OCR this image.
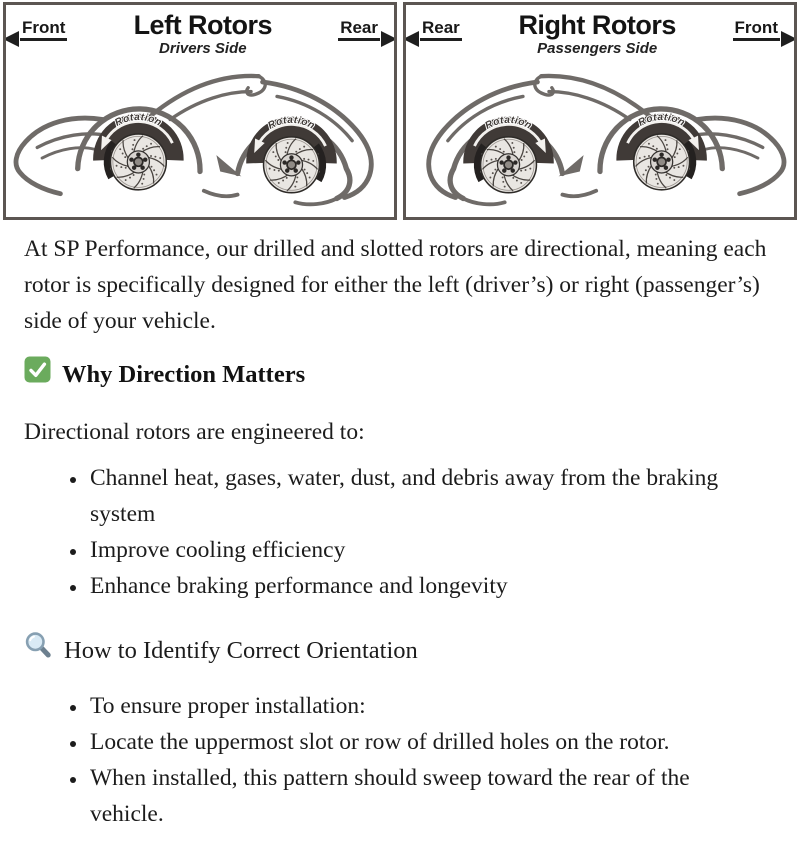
Front	Left Rotors
Drivers Side
Rear
Rotation	Rotation
Rear Right Rotors
Passengers Side
Front
Rotation
Rotation

At SP Performance, our drilled and slotted rotors are directional, meaning each rotor is specifically designed for either the left (driver’s) or right (passenger’s) side of your vehicle.

Why Direction Matters

Directional rotors are engineered to:

• Channel heat, gases, water, dust, and debris away from the braking system
• Improve cooling efficiency
• Enhance braking performance and longevity
How to Identify Correct Orientation
• To ensure proper installation:
• Locate the uppermost slot or row of drilled holes on the rotor.
• When installed, this pattern should sweep toward the rear of the vehicle.
